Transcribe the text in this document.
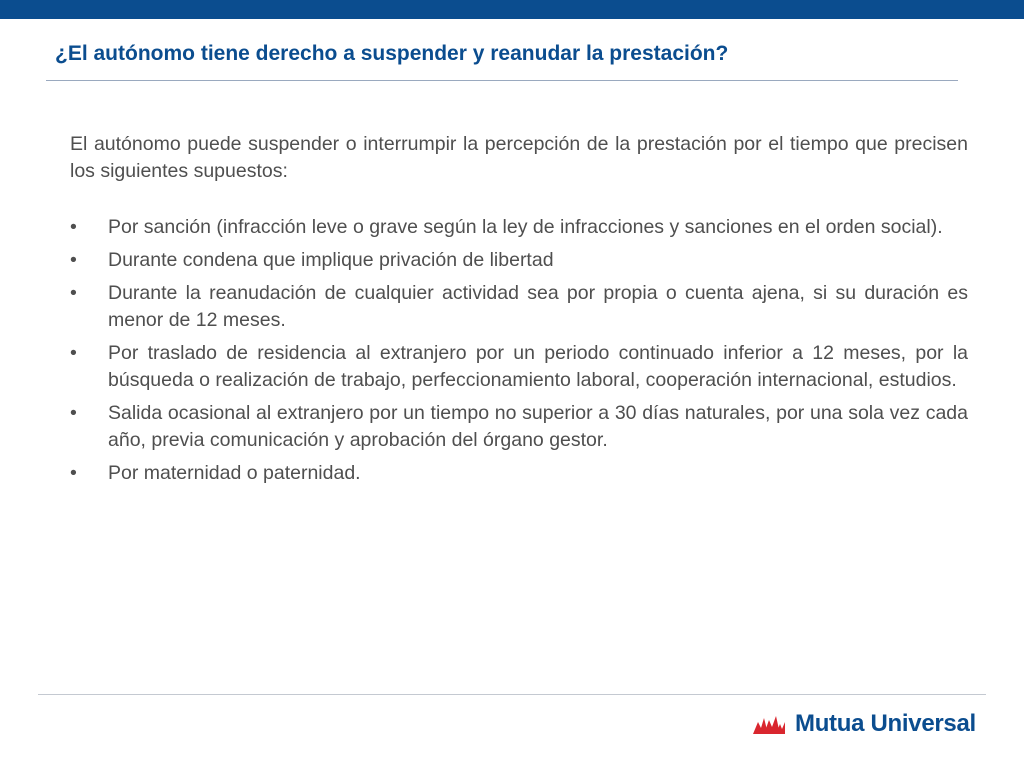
¿El autónomo tiene derecho a suspender y reanudar la prestación?

El autónomo puede suspender o interrumpir la percepción de la prestación por el tiempo que precisen los siguientes supuestos:

• Por sanción (infracción leve o grave según la ley de infracciones y sanciones en el orden social).
• Durante condena que implique privación de libertad
• Durante la reanudación de cualquier actividad sea por propia o cuenta ajena, si su duración es menor de 12 meses.
• Por traslado de residencia al extranjero por un periodo continuado inferior a 12 meses, por la búsqueda o realización de trabajo, perfeccionamiento laboral, cooperación internacional, estudios.
• Salida ocasional al extranjero por un tiempo no superior a 30 días naturales, por una sola vez cada año, previa comunicación y aprobación del órgano gestor.
• Por maternidad o paternidad.
Mutua Universal
